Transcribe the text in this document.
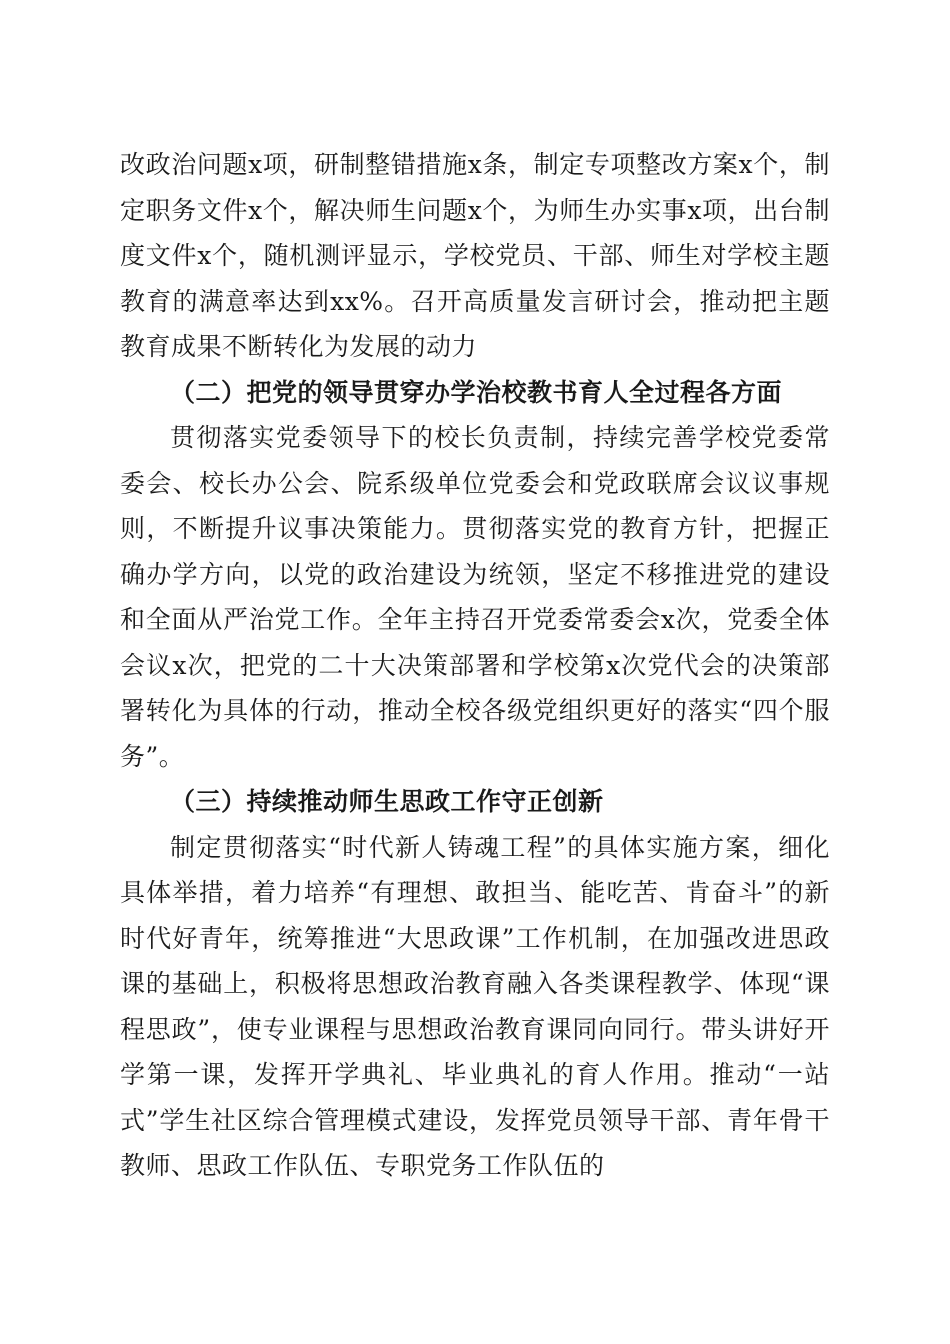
改政治问题x项，研制整错措施x条，制定专项整改方案x个，制定职务文件x个，解决师生问题x个，为师生办实事x项，出台制度文件x个，随机测评显示，学校党员、干部、师生对学校主题教育的满意率达到xx%。召开高质量发言研讨会，推动把主题教育成果不断转化为发展的动力

（二）把党的领导贯穿办学治校教书育人全过程各方面

贯彻落实党委领导下的校长负责制，持续完善学校党委常委会、校长办公会、院系级单位党委会和党政联席会议议事规则，不断提升议事决策能力。贯彻落实党的教育方针，把握正确办学方向，以党的政治建设为统领，坚定不移推进党的建设和全面从严治党工作。全年主持召开党委常委会x次，党委全体会议x次，把党的二十大决策部署和学校第x次党代会的决策部署转化为具体的行动，推动全校各级党组织更好的落实“四个服务”。

（三）持续推动师生思政工作守正创新

制定贯彻落实“时代新人铸魂工程”的具体实施方案，细化具体举措，着力培养“有理想、敢担当、能吃苦、肯奋斗”的新时代好青年，统筹推进“大思政课”工作机制，在加强改进思政课的基础上，积极将思想政治教育融入各类课程教学、体现“课程思政”，使专业课程与思想政治教育课同向同行。带头讲好开学第一课，发挥开学典礼、毕业典礼的育人作用。推动“一站式”学生社区综合管理模式建设，发挥党员领导干部、青年骨干教师、思政工作队伍、专职党务工作队伍的
